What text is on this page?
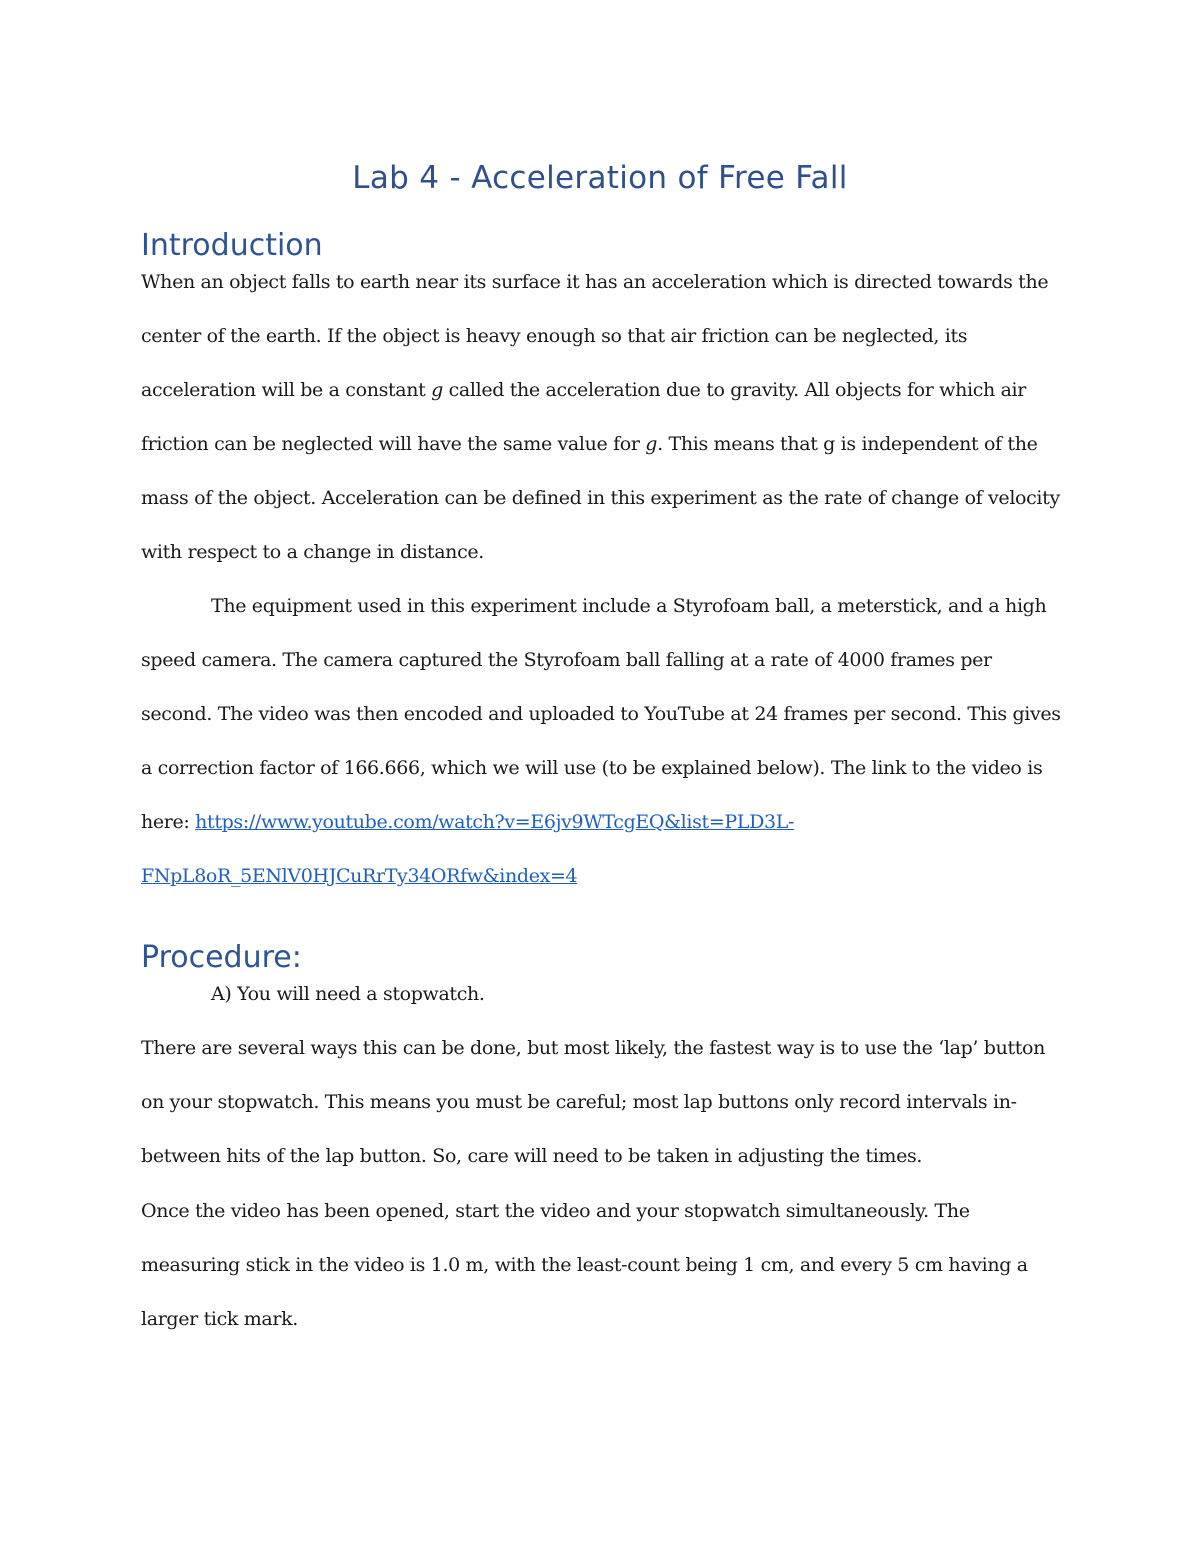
Lab 4 - Acceleration of Free Fall
Introduction

When an object falls to earth near its surface it has an acceleration which is directed towards the center of the earth. If the object is heavy enough so that air friction can be neglected, its acceleration will be a constant g called the acceleration due to gravity. All objects for which air friction can be neglected will have the same value for g. This means that g is independent of the mass of the object. Acceleration can be defined in this experiment as the rate of change of velocity with respect to a change in distance.

The equipment used in this experiment include a Styrofoam ball, a meterstick, and a high speed camera. The camera captured the Styrofoam ball falling at a rate of 4000 frames per second. The video was then encoded and uploaded to YouTube at 24 frames per second. This gives a correction factor of 166.666, which we will use (to be explained below). The link to the video is here: https://www.youtube.com/watch?v=E6jv9WTcgEQ&list=PLD3L-FNpL8oR_5ENlV0HJCuRrTy34ORfw&index=4

Procedure:

A) You will need a stopwatch.

There are several ways this can be done, but most likely, the fastest way is to use the ‘lap’ button on your stopwatch. This means you must be careful; most lap buttons only record intervals in-between hits of the lap button. So, care will need to be taken in adjusting the times.

Once the video has been opened, start the video and your stopwatch simultaneously. The measuring stick in the video is 1.0 m, with the least-count being 1 cm, and every 5 cm having a larger tick mark.
